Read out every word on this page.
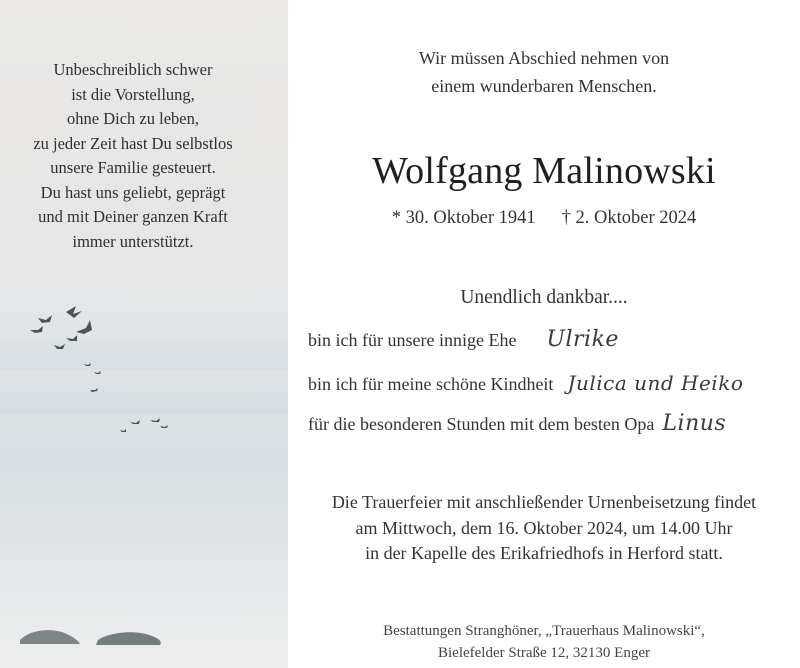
Unbeschreiblich schwer
ist die Vorstellung,
ohne Dich zu leben,
zu jeder Zeit hast Du selbstlos
unsere Familie gesteuert.
Du hast uns geliebt, geprägt
und mit Deiner ganzen Kraft
immer unterstützt.
Wir müssen Abschied nehmen von
einem wunderbaren Menschen.
Wolfgang Malinowski
* 30. Oktober 1941 † 2. Oktober 2024
Unendlich dankbar....
bin ich für unsere innige Ehe Ulrike
bin ich für meine schöne Kindheit Julica und Heiko
für die besonderen Stunden mit dem besten Opa Linus
Die Trauerfeier mit anschließender Urnenbeisetzung findet
am Mittwoch, dem 16. Oktober 2024, um 14.00 Uhr
in der Kapelle des Erikafriedhofs in Herford statt.
Bestattungen Stranghöner, „Trauerhaus Malinowski“,
Bielefelder Straße 12, 32130 Enger
